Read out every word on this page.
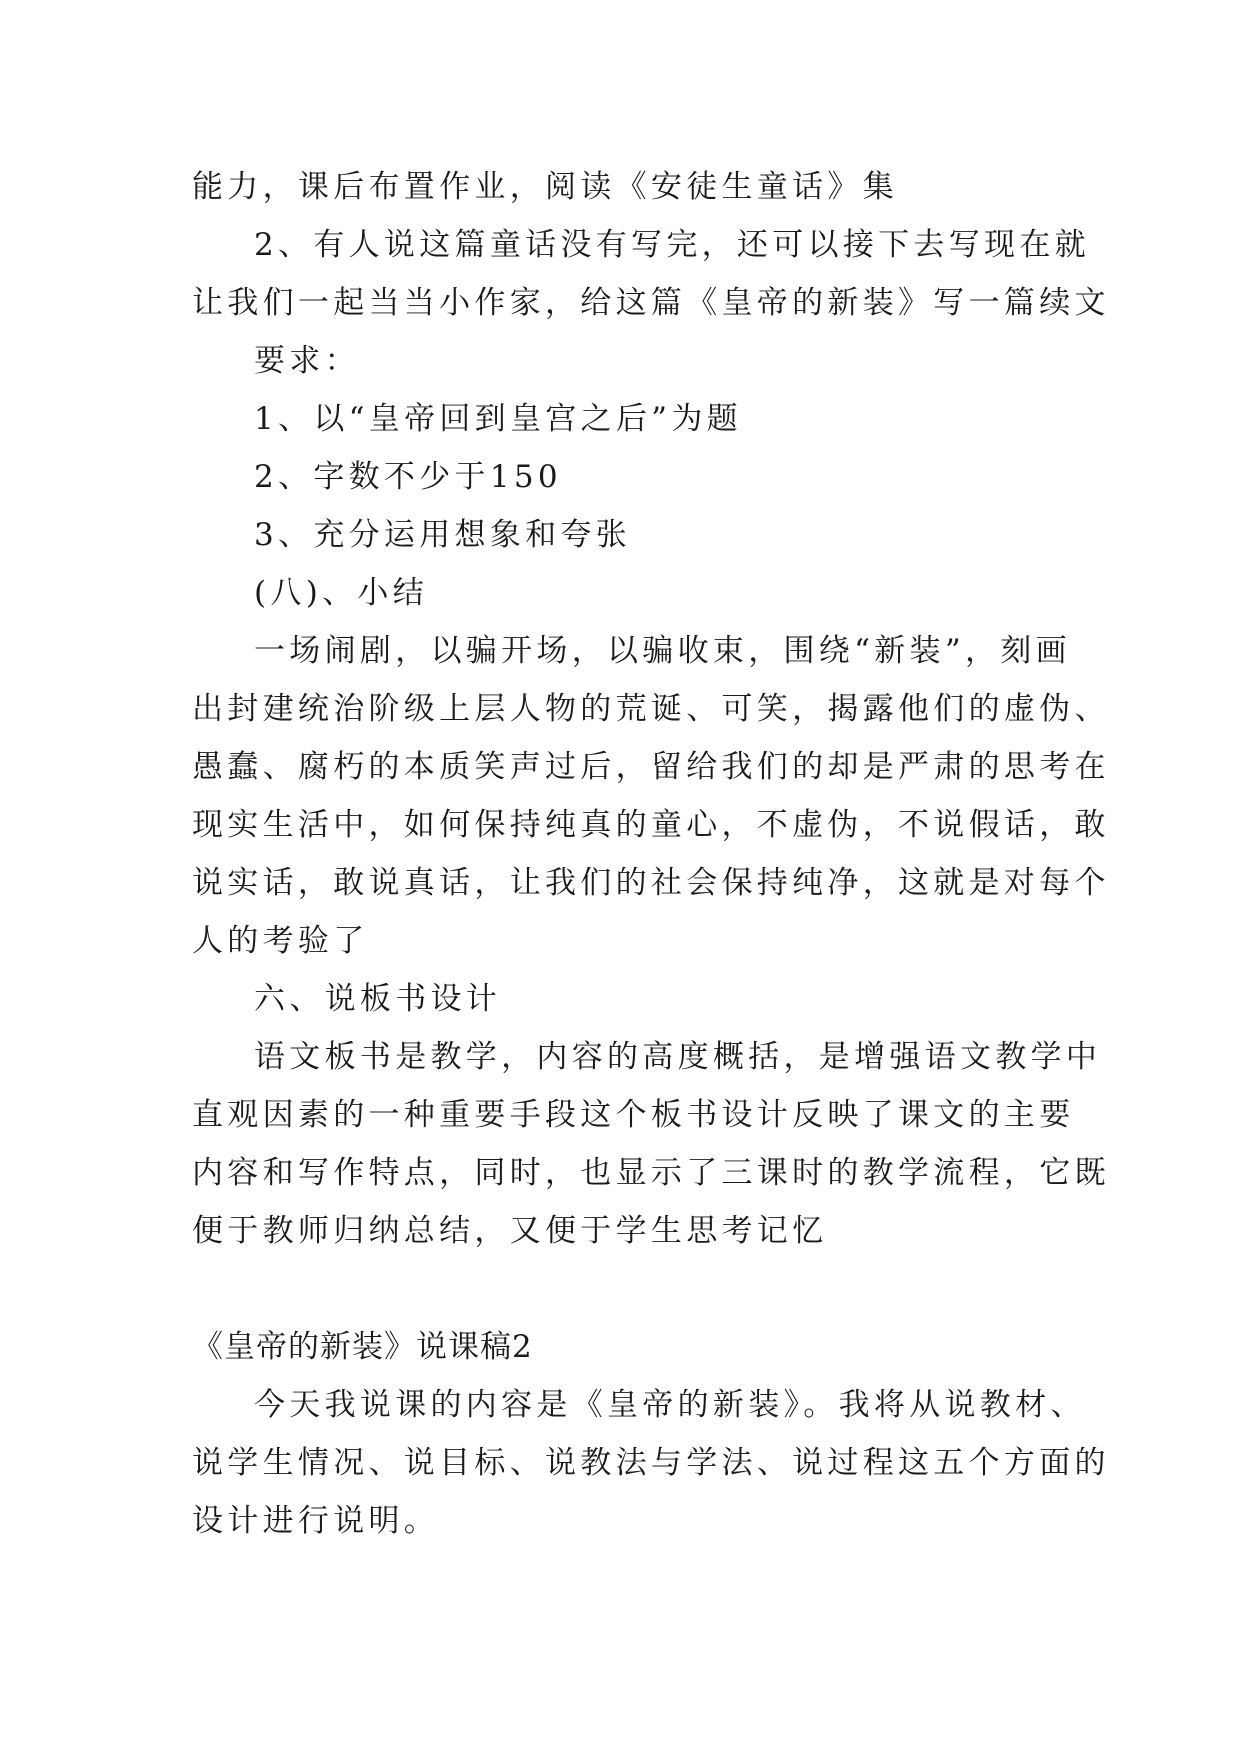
能力，课后布置作业，阅读《安徒生童话》集
2、有人说这篇童话没有写完，还可以接下去写现在就
让我们一起当当小作家，给这篇《皇帝的新装》写一篇续文
要求：
1、以“皇帝回到皇宫之后”为题
2、字数不少于150
3、充分运用想象和夸张
(八)、小结
一场闹剧，以骗开场，以骗收束，围绕“新装”，刻画
出封建统治阶级上层人物的荒诞、可笑，揭露他们的虚伪、
愚蠢、腐朽的本质笑声过后，留给我们的却是严肃的思考在
现实生活中，如何保持纯真的童心，不虚伪，不说假话，敢
说实话，敢说真话，让我们的社会保持纯净，这就是对每个
人的考验了
六、说板书设计
语文板书是教学，内容的高度概括，是增强语文教学中
直观因素的一种重要手段这个板书设计反映了课文的主要
内容和写作特点，同时，也显示了三课时的教学流程，它既
便于教师归纳总结，又便于学生思考记忆
《皇帝的新装》说课稿2
今天我说课的内容是《皇帝的新装》。我将从说教材、
说学生情况、说目标、说教法与学法、说过程这五个方面的
设计进行说明。
